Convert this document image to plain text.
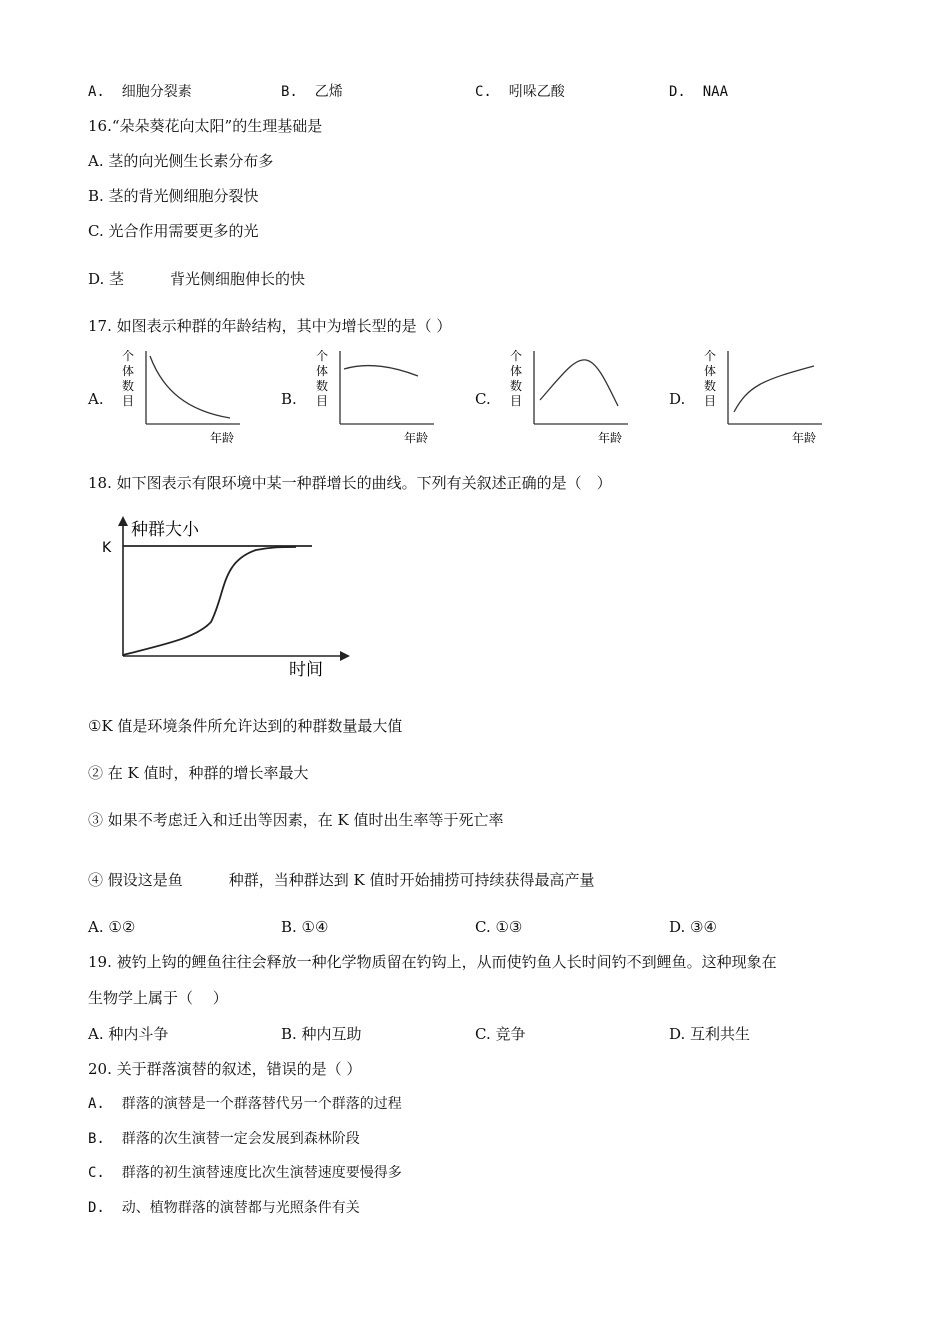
A.  细胞分裂素	B.  乙烯	C.  吲哚乙酸	D.  NAA
16.“朵朵葵花向太阳”的生理基础是
A. 茎的向光侧生长素分布多
B. 茎的背光侧细胞分裂快
C. 光合作用需要更多的光
D. 茎	背光侧细胞伸长的快
17. 如图表示种群的年龄结构，其中为增长型的是（ ）
A.	B.	C.	D.
个
体
数
目
年龄
个
体
数
目
年龄
个
体
数
目
年龄
个
体
数
目
年龄
18. 如下图表示有限环境中某一种群增长的曲线。下列有关叙述正确的是（　）
种群大小
K
时间
①K 值是环境条件所允许达到的种群数量最大值
② 在 K 值时，种群的增长率最大
③ 如果不考虑迁入和迁出等因素，在 K 值时出生率等于死亡率
④ 假设这是鱼	种群，当种群达到 K 值时开始捕捞可持续获得最高产量
A. ①②	B. ①④	C. ①③	D. ③④
19. 被钓上钩的鲤鱼往往会释放一种化学物质留在钓钩上，从而使钓鱼人长时间钓不到鲤鱼。这种现象在
生物学上属于（　 ）
A. 种内斗争	B. 种内互助	C. 竞争	D. 互利共生
20. 关于群落演替的叙述，错误的是（ ）
A.  群落的演替是一个群落替代另一个群落的过程
B.  群落的次生演替一定会发展到森林阶段
C.  群落的初生演替速度比次生演替速度要慢得多
D.  动、植物群落的演替都与光照条件有关
